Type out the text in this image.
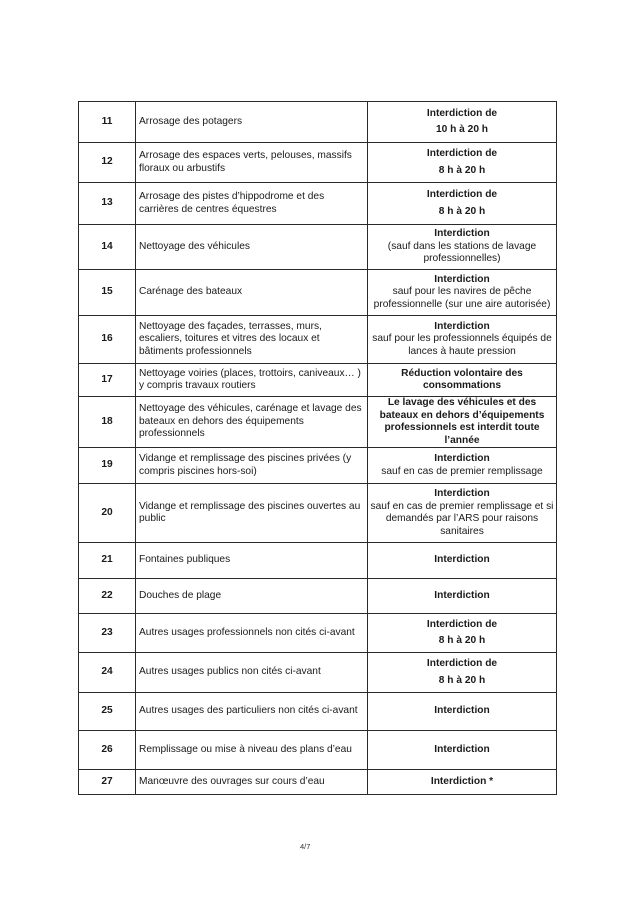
11	Arrosage des potagers	Interdiction de
10 h à 20 h

12	Arrosage des espaces verts, pelouses, massifs floraux ou arbustifs	Interdiction de
8 h à 20 h

13	Arrosage des pistes d’hippodrome et des carrières de centres équestres	Interdiction de
8 h à 20 h

14	Nettoyage des véhicules	Interdiction
(sauf dans les stations de lavage professionnelles)

15	Carénage des bateaux	Interdiction
sauf pour les navires de pêche professionnelle (sur une aire autorisée)

16	Nettoyage des façades, terrasses, murs, escaliers, toitures et vitres des locaux et bâtiments professionnels	Interdiction
sauf pour les professionnels équipés de lances à haute pression

17	Nettoyage voiries (places, trottoirs, caniveaux… ) y compris travaux routiers	Réduction volontaire des consommations

18	Nettoyage des véhicules, carénage et lavage des bateaux en dehors des équipements professionnels	Le lavage des véhicules et des bateaux en dehors d’équipements professionnels est interdit toute l’année

19	Vidange et remplissage des piscines privées (y compris piscines hors-soi)	Interdiction
sauf en cas de premier remplissage

20	Vidange et remplissage des piscines ouvertes au public	Interdiction
sauf en cas de premier remplissage et si demandés par l’ARS pour raisons sanitaires

21	Fontaines publiques	Interdiction

22	Douches de plage	Interdiction

23	Autres usages professionnels non cités ci-avant	Interdiction de
8 h à 20 h

24	Autres usages publics non cités ci-avant	Interdiction de
8 h à 20 h

25	Autres usages des particuliers non cités ci-avant	Interdiction

26	Remplissage ou mise à niveau des plans d’eau	Interdiction

27	Manœuvre des ouvrages sur cours d’eau	Interdiction *
4/7
